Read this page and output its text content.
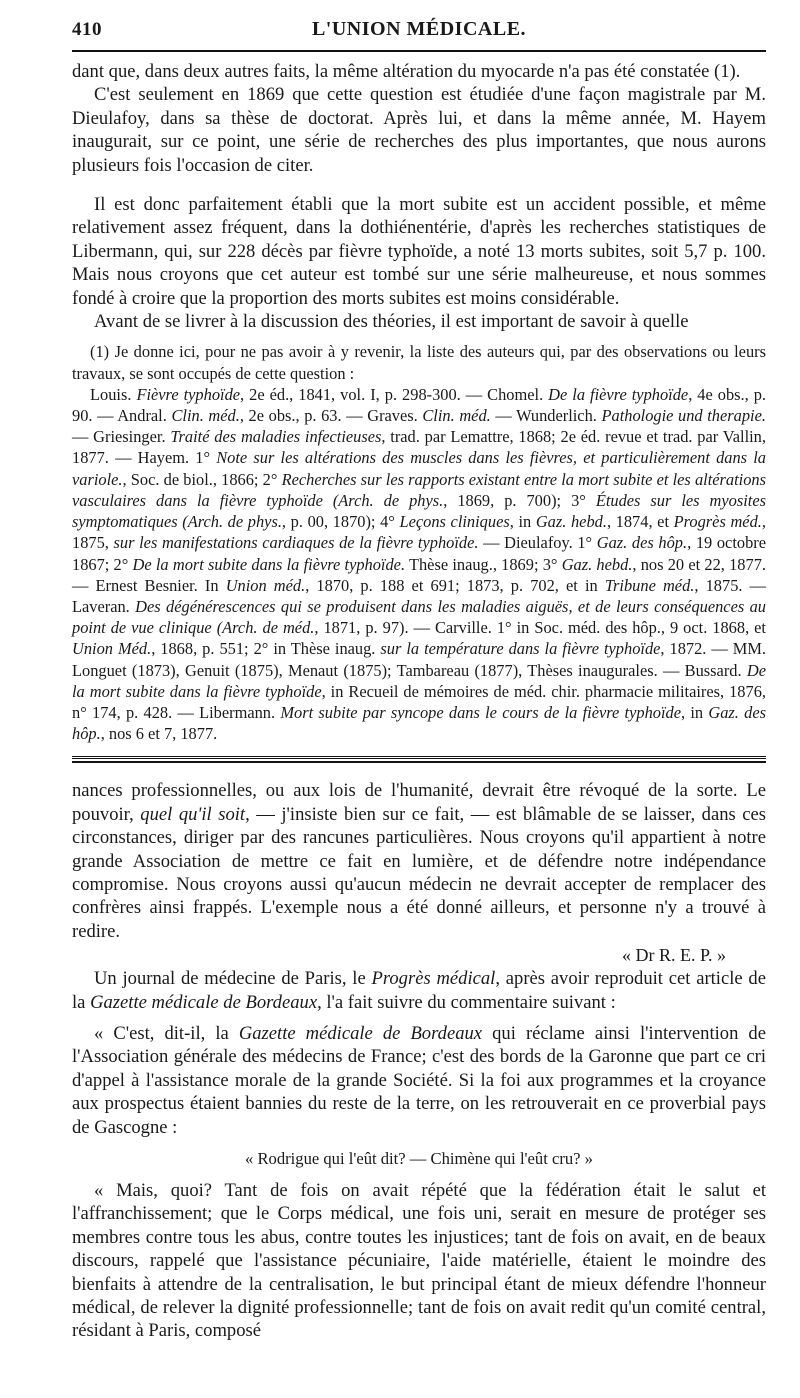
410	L'UNION MÉDICALE.

dant que, dans deux autres faits, la même altération du myocarde n'a pas été constatée (1).

C'est seulement en 1869 que cette question est étudiée d'une façon magistrale par M. Dieulafoy, dans sa thèse de doctorat. Après lui, et dans la même année, M. Hayem inaugurait, sur ce point, une série de recherches des plus importantes, que nous aurons plusieurs fois l'occasion de citer.

Il est donc parfaitement établi que la mort subite est un accident possible, et même relativement assez fréquent, dans la dothiénentérie, d'après les recherches statistiques de Libermann, qui, sur 228 décès par fièvre typhoïde, a noté 13 morts subites, soit 5,7 p. 100. Mais nous croyons que cet auteur est tombé sur une série malheureuse, et nous sommes fondé à croire que la proportion des morts subites est moins considérable.

Avant de se livrer à la discussion des théories, il est important de savoir à quelle

(1) Je donne ici, pour ne pas avoir à y revenir, la liste des auteurs qui, par des observations ou leurs travaux, se sont occupés de cette question :

Louis. Fièvre typhoïde, 2e éd., 1841, vol. I, p. 298-300. — Chomel. De la fièvre typhoïde, 4e obs., p. 90. — Andral. Clin. méd., 2e obs., p. 63. — Graves. Clin. méd. — Wunderlich. Pathologie und therapie. — Griesinger. Traité des maladies infectieuses, trad. par Lemattre, 1868; 2e éd. revue et trad. par Vallin, 1877. — Hayem. 1° Note sur les altérations des muscles dans les fièvres, et particulièrement dans la variole., Soc. de biol., 1866; 2° Recherches sur les rapports existant entre la mort subite et les altérations vasculaires dans la fièvre typhoïde (Arch. de phys., 1869, p. 700); 3° Études sur les myosites symptomatiques (Arch. de phys., p. 00, 1870); 4° Leçons cliniques, in Gaz. hebd., 1874, et Progrès méd., 1875, sur les manifestations cardiaques de la fièvre typhoïde. — Dieulafoy. 1° Gaz. des hôp., 19 octobre 1867; 2° De la mort subite dans la fièvre typhoïde. Thèse inaug., 1869; 3° Gaz. hebd., nos 20 et 22, 1877. — Ernest Besnier. In Union méd., 1870, p. 188 et 691; 1873, p. 702, et in Tribune méd., 1875. — Laveran. Des dégénérescences qui se produisent dans les maladies aiguës, et de leurs conséquences au point de vue clinique (Arch. de méd., 1871, p. 97). — Carville. 1° in Soc. méd. des hôp., 9 oct. 1868, et Union Méd., 1868, p. 551; 2° in Thèse inaug. sur la température dans la fièvre typhoïde, 1872. — MM. Longuet (1873), Genuit (1875), Menaut (1875); Tambareau (1877), Thèses inaugurales. — Bussard. De la mort subite dans la fièvre typhoïde, in Recueil de mémoires de méd. chir. pharmacie militaires, 1876, n° 174, p. 428. — Libermann. Mort subite par syncope dans le cours de la fièvre typhoïde, in Gaz. des hôp., nos 6 et 7, 1877.

nances professionnelles, ou aux lois de l'humanité, devrait être révoqué de la sorte. Le pouvoir, quel qu'il soit, — j'insiste bien sur ce fait, — est blâmable de se laisser, dans ces circonstances, diriger par des rancunes particulières. Nous croyons qu'il appartient à notre grande Association de mettre ce fait en lumière, et de défendre notre indépendance compromise. Nous croyons aussi qu'aucun médecin ne devrait accepter de remplacer des confrères ainsi frappés. L'exemple nous a été donné ailleurs, et personne n'y a trouvé à redire.

« Dr R. E. P. »

Un journal de médecine de Paris, le Progrès médical, après avoir reproduit cet article de la Gazette médicale de Bordeaux, l'a fait suivre du commentaire suivant :

« C'est, dit-il, la Gazette médicale de Bordeaux qui réclame ainsi l'intervention de l'Association générale des médecins de France; c'est des bords de la Garonne que part ce cri d'appel à l'assistance morale de la grande Société. Si la foi aux programmes et la croyance aux prospectus étaient bannies du reste de la terre, on les retrouverait en ce proverbial pays de Gascogne :

« Rodrigue qui l'eût dit? — Chimène qui l'eût cru? »

« Mais, quoi? Tant de fois on avait répété que la fédération était le salut et l'affranchissement; que le Corps médical, une fois uni, serait en mesure de protéger ses membres contre tous les abus, contre toutes les injustices; tant de fois on avait, en de beaux discours, rappelé que l'assistance pécuniaire, l'aide matérielle, étaient le moindre des bienfaits à attendre de la centralisation, le but principal étant de mieux défendre l'honneur médical, de relever la dignité professionnelle; tant de fois on avait redit qu'un comité central, résidant à Paris, composé
